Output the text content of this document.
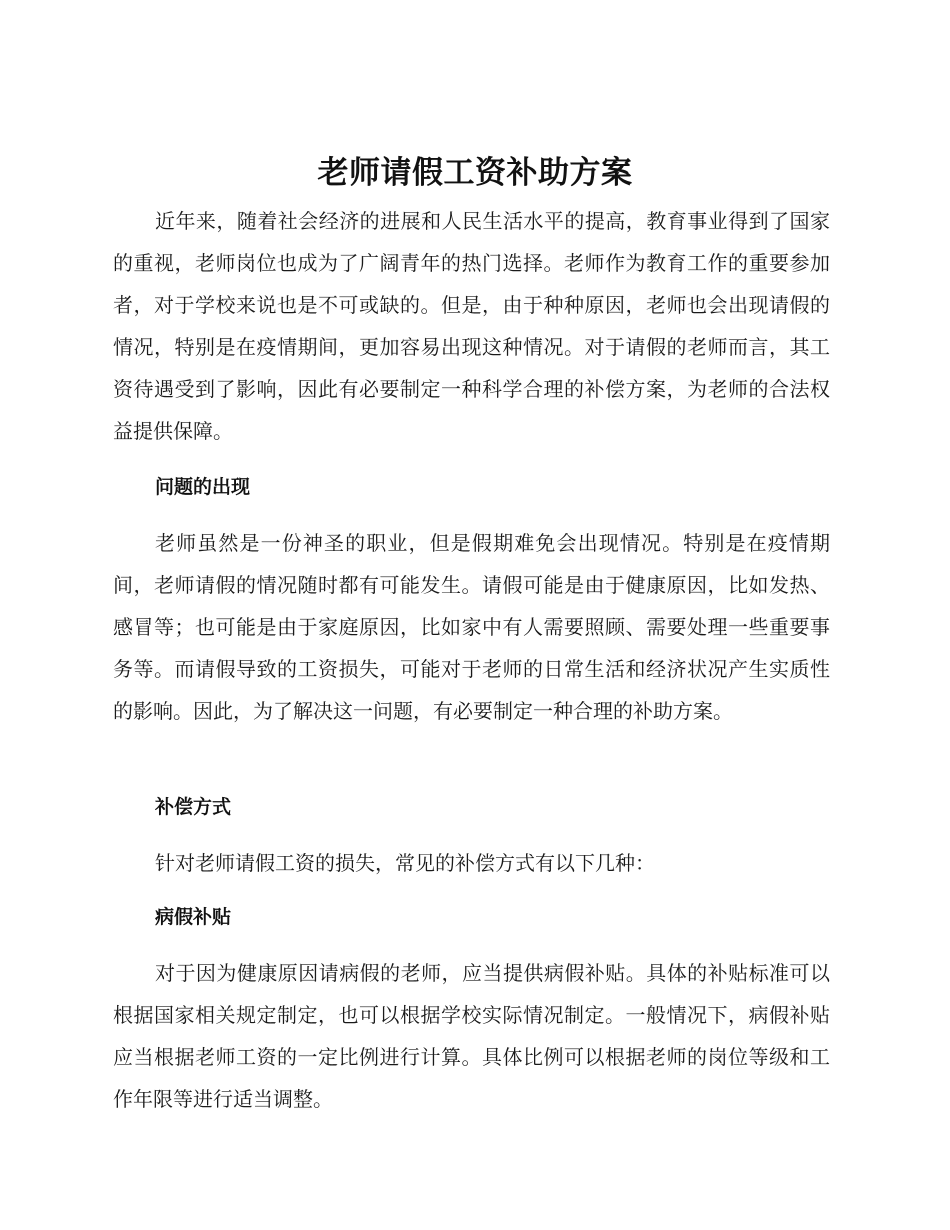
老师请假工资补助方案

近年来，随着社会经济的进展和人民生活水平的提高，教育事业得到了国家的重视，老师岗位也成为了广阔青年的热门选择。老师作为教育工作的重要参加者，对于学校来说也是不可或缺的。但是，由于种种原因，老师也会出现请假的情况，特别是在疫情期间，更加容易出现这种情况。对于请假的老师而言，其工资待遇受到了影响，因此有必要制定一种科学合理的补偿方案，为老师的合法权益提供保障。

问题的出现

老师虽然是一份神圣的职业，但是假期难免会出现情况。特别是在疫情期间，老师请假的情况随时都有可能发生。请假可能是由于健康原因，比如发热、感冒等；也可能是由于家庭原因，比如家中有人需要照顾、需要处理一些重要事务等。而请假导致的工资损失，可能对于老师的日常生活和经济状况产生实质性的影响。因此，为了解决这一问题，有必要制定一种合理的补助方案。

补偿方式

针对老师请假工资的损失，常见的补偿方式有以下几种：

病假补贴

对于因为健康原因请病假的老师，应当提供病假补贴。具体的补贴标准可以根据国家相关规定制定，也可以根据学校实际情况制定。一般情况下，病假补贴应当根据老师工资的一定比例进行计算。具体比例可以根据老师的岗位等级和工作年限等进行适当调整。
